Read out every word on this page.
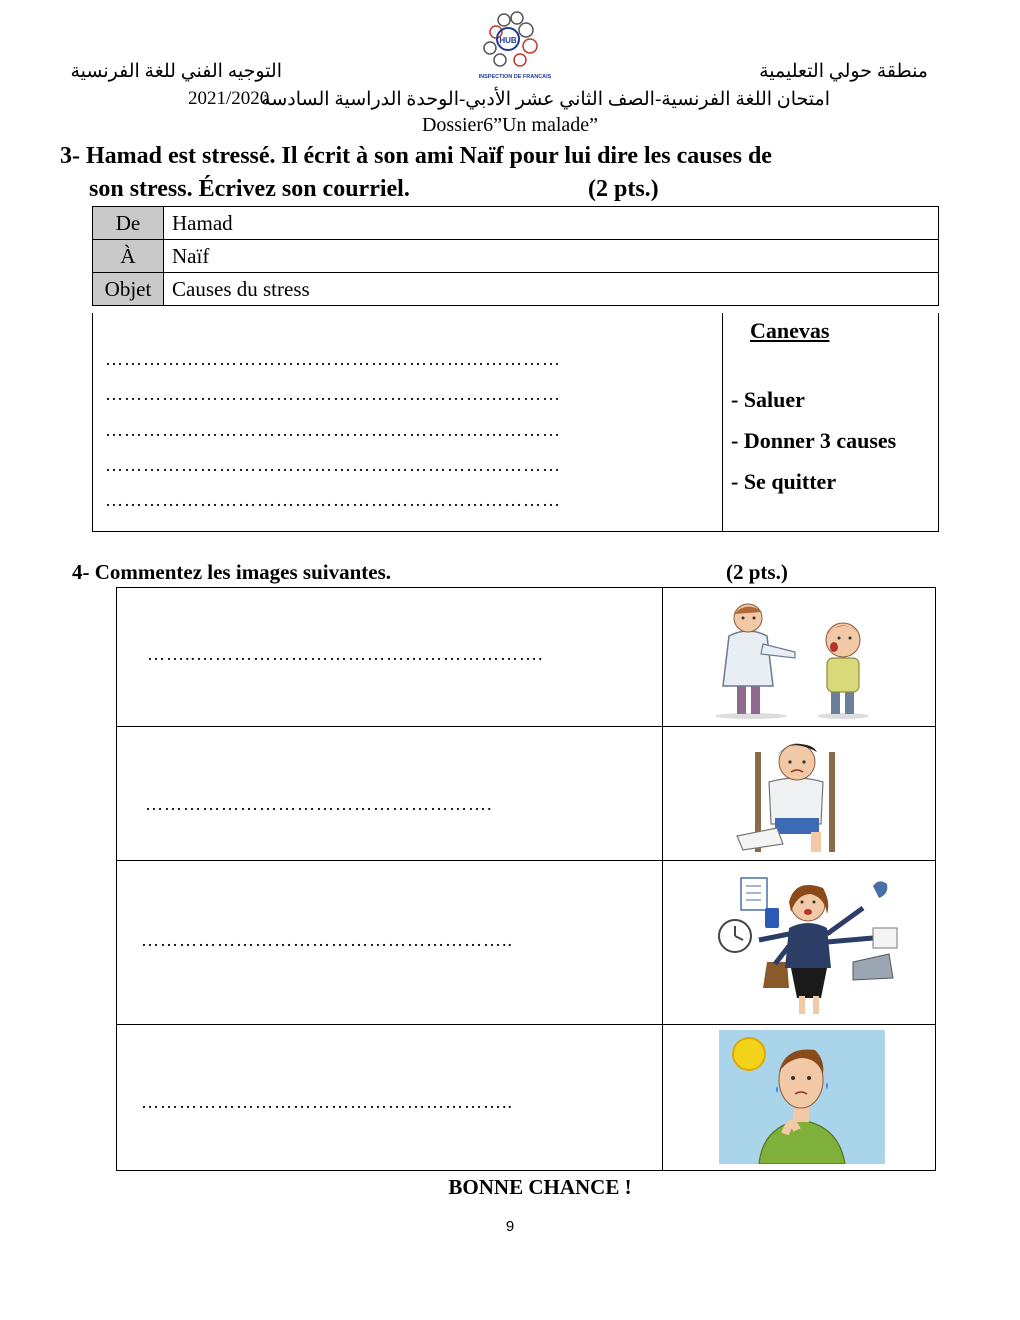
HUB
INSPECTION DE FRANCAIS	منطقة حولي التعليمية
التوجيه الفني للغة الفرنسية
2021/2020
امتحان اللغة الفرنسية-الصف الثاني عشر الأدبي-الوحدة الدراسية السادسة
Dossier6”Un malade”
3- Hamad est stressé. Il écrit à son ami Naïf pour lui dire les causes de
son stress. Écrivez son courriel.	(2 pts.)
De	Hamad
À	Naïf
Objet	Causes du stress
………………………………………………………………
………………………………………………………………
………………………………………………………………
………………………………………………………………
………………………………………………………………
Canevas
- Saluer
- Donner 3 causes
- Se quitter
4- Commentez les images suivantes.	(2 pts.)
……..……………………………………………….
……………………………………………….
…………………………………………………..
…………………………………………………..
BONNE CHANCE !
9
